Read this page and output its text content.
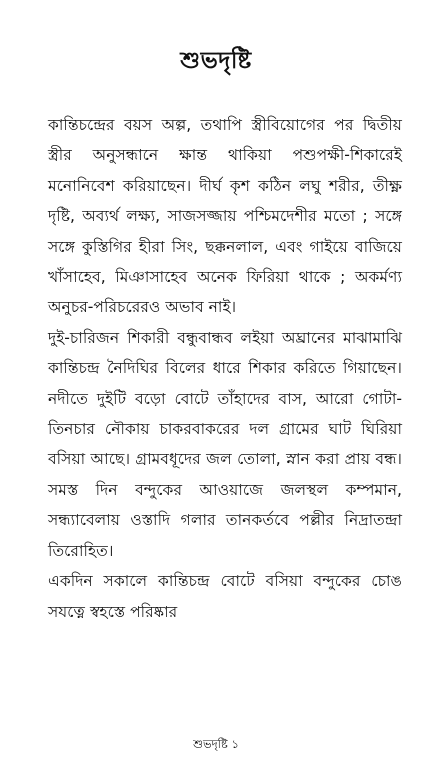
শুভদৃষ্টি

কান্তিচন্দ্রের বয়স অল্প, তথাপি স্ত্রীবিয়োগের পর দ্বিতীয় স্ত্রীর অনুসন্ধানে ক্ষান্ত থাকিয়া পশুপক্ষী-শিকারেই মনোনিবেশ করিয়াছেন। দীর্ঘ কৃশ কঠিন লঘু শরীর, তীক্ষ্ণ দৃষ্টি, অব্যর্থ লক্ষ্য, সাজসজ্জায় পশ্চিমদেশীর মতো ; সঙ্গে সঙ্গে কুস্তিগির হীরা সিং, ছক্কনলাল, এবং গাইয়ে বাজিয়ে খাঁসাহেব, মিঞাসাহেব অনেক ফিরিয়া থাকে ; অকর্মণ্য অনুচর-পরিচরেরও অভাব নাই।

দুই-চারিজন শিকারী বন্ধুবান্ধব লইয়া অঘ্রানের মাঝামাঝি কান্তিচন্দ্র নৈদিঘির বিলের ধারে শিকার করিতে গিয়াছেন। নদীতে দুইটি বড়ো বোটে তাঁহাদের বাস, আরো গোটা-তিনচার নৌকায় চাকরবাকরের দল গ্রামের ঘাট ঘিরিয়া বসিয়া আছে। গ্রামবধূদের জল তোলা, স্নান করা প্রায় বন্ধ। সমস্ত দিন বন্দুকের আওয়াজে জলস্থল কম্পমান, সন্ধ্যাবেলায় ওস্তাদি গলার তানকর্তবে পল্লীর নিদ্রাতন্দ্রা তিরোহিত।

একদিন সকালে কান্তিচন্দ্র বোটে বসিয়া বন্দুকের চোঙ সযত্নে স্বহস্তে পরিষ্কার

শুভদৃষ্টি ১
